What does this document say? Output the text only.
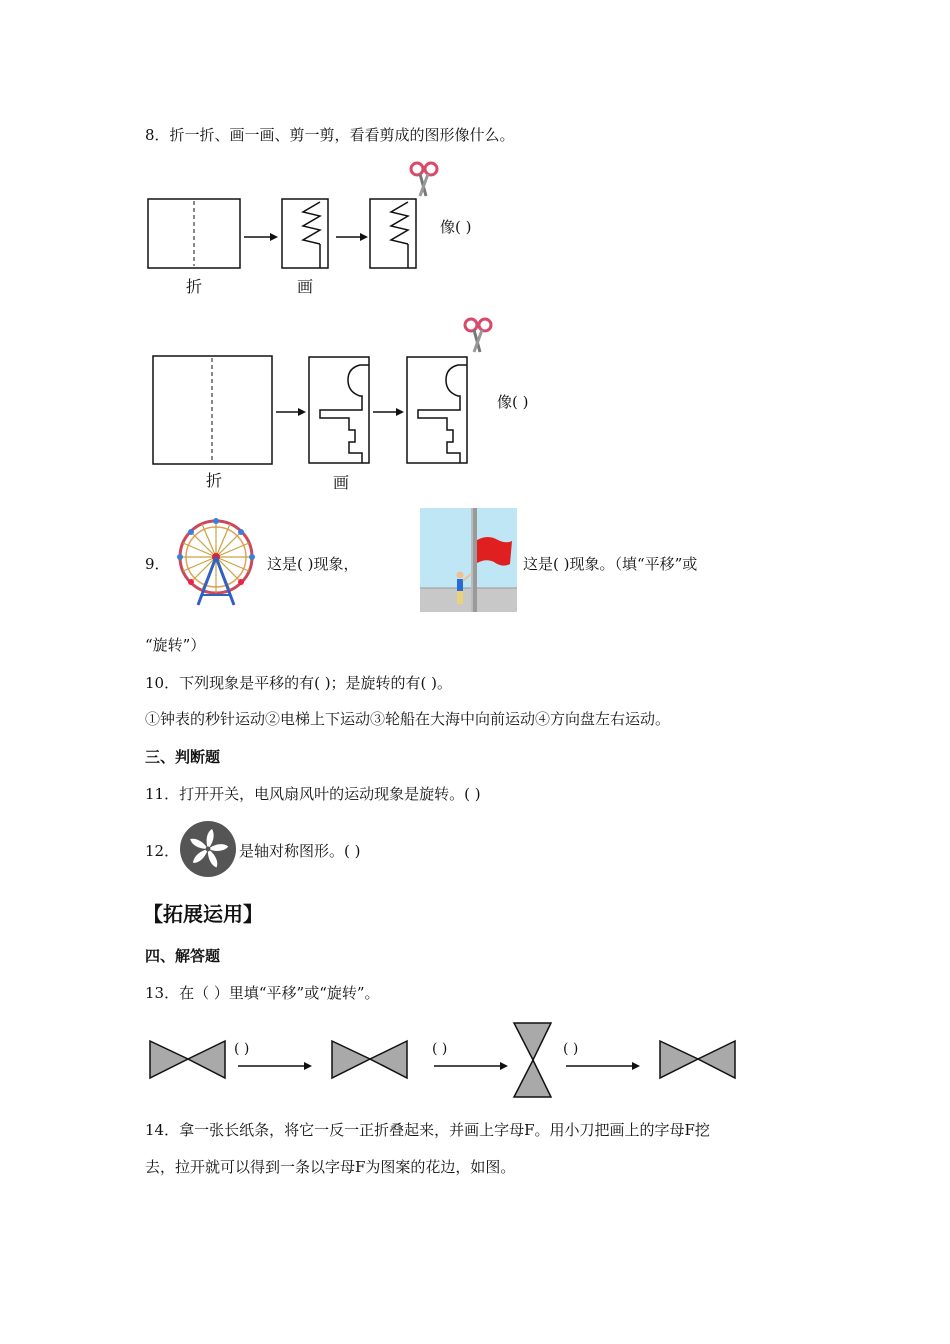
8．折一折、画一画、剪一剪，看看剪成的图形像什么。
折	画
像( )
折	画
像( )
9．	这是( )现象，	这是( )现象。（填“平移”或
“旋转”）
10．下列现象是平移的有( )；是旋转的有( )。
①钟表的秒针运动②电梯上下运动③轮船在大海中向前运动④方向盘左右运动。
三、判断题
11．打开开关，电风扇风叶的运动现象是旋转。( )
12．	是轴对称图形。( )
【拓展运用】
四、解答题
13．在（ ）里填“平移”或“旋转”。
( )	( )	( )
14．拿一张长纸条，将它一反一正折叠起来，并画上字母F。用小刀把画上的字母F挖
去，拉开就可以得到一条以字母F为图案的花边，如图。
